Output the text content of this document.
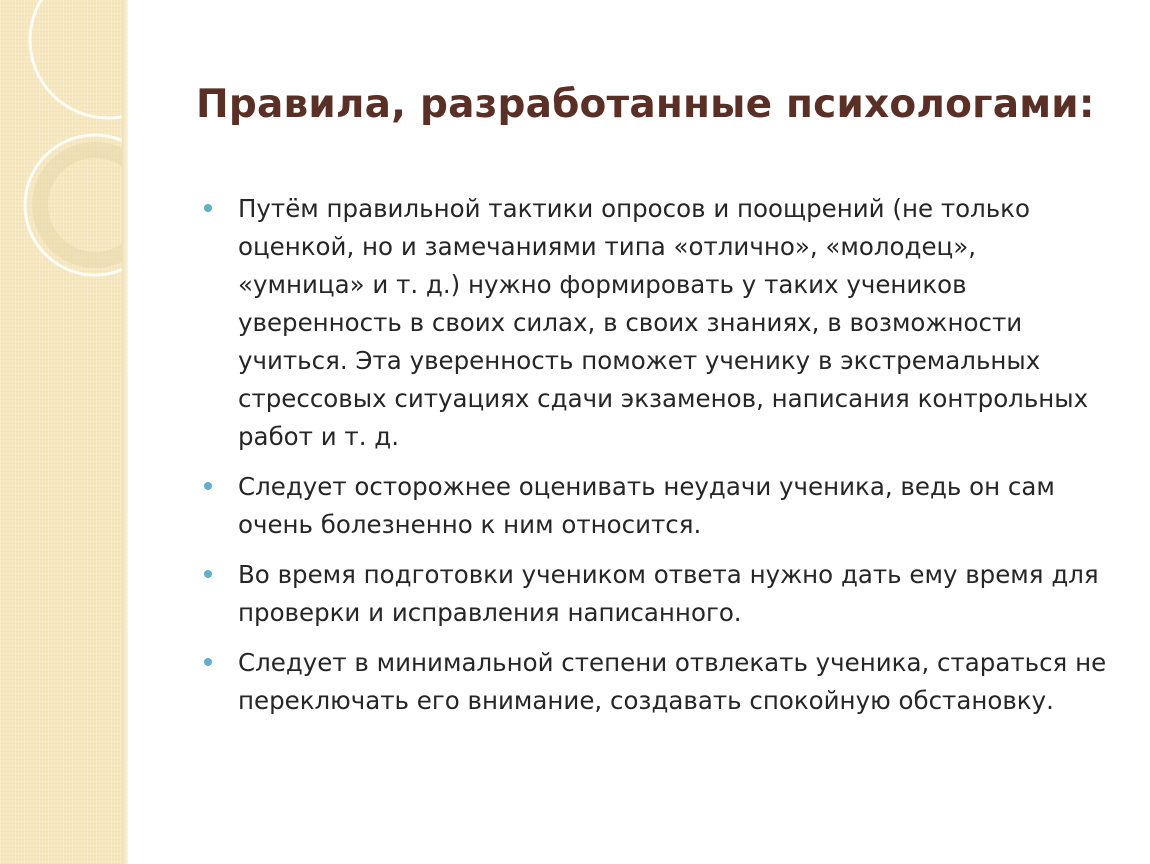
Правила, разработанные психологами:
Путём правильной тактики опросов и поощрений (не только оценкой, но и замечаниями типа «отлично», «молодец», «умница» и т. д.) нужно формировать у таких учеников уверенность в своих силах, в своих знаниях, в возможности учиться. Эта уверенность поможет ученику в экстремальных стрессовых ситуациях сдачи экзаменов, написания контрольных работ и т. д.
Следует осторожнее оценивать неудачи ученика, ведь он сам очень болезненно к ним относится.
Во время подготовки учеником ответа нужно дать ему время для проверки и исправления написанного.
Следует в минимальной степени отвлекать ученика, стараться не переключать его внимание, создавать спокойную обстановку.
